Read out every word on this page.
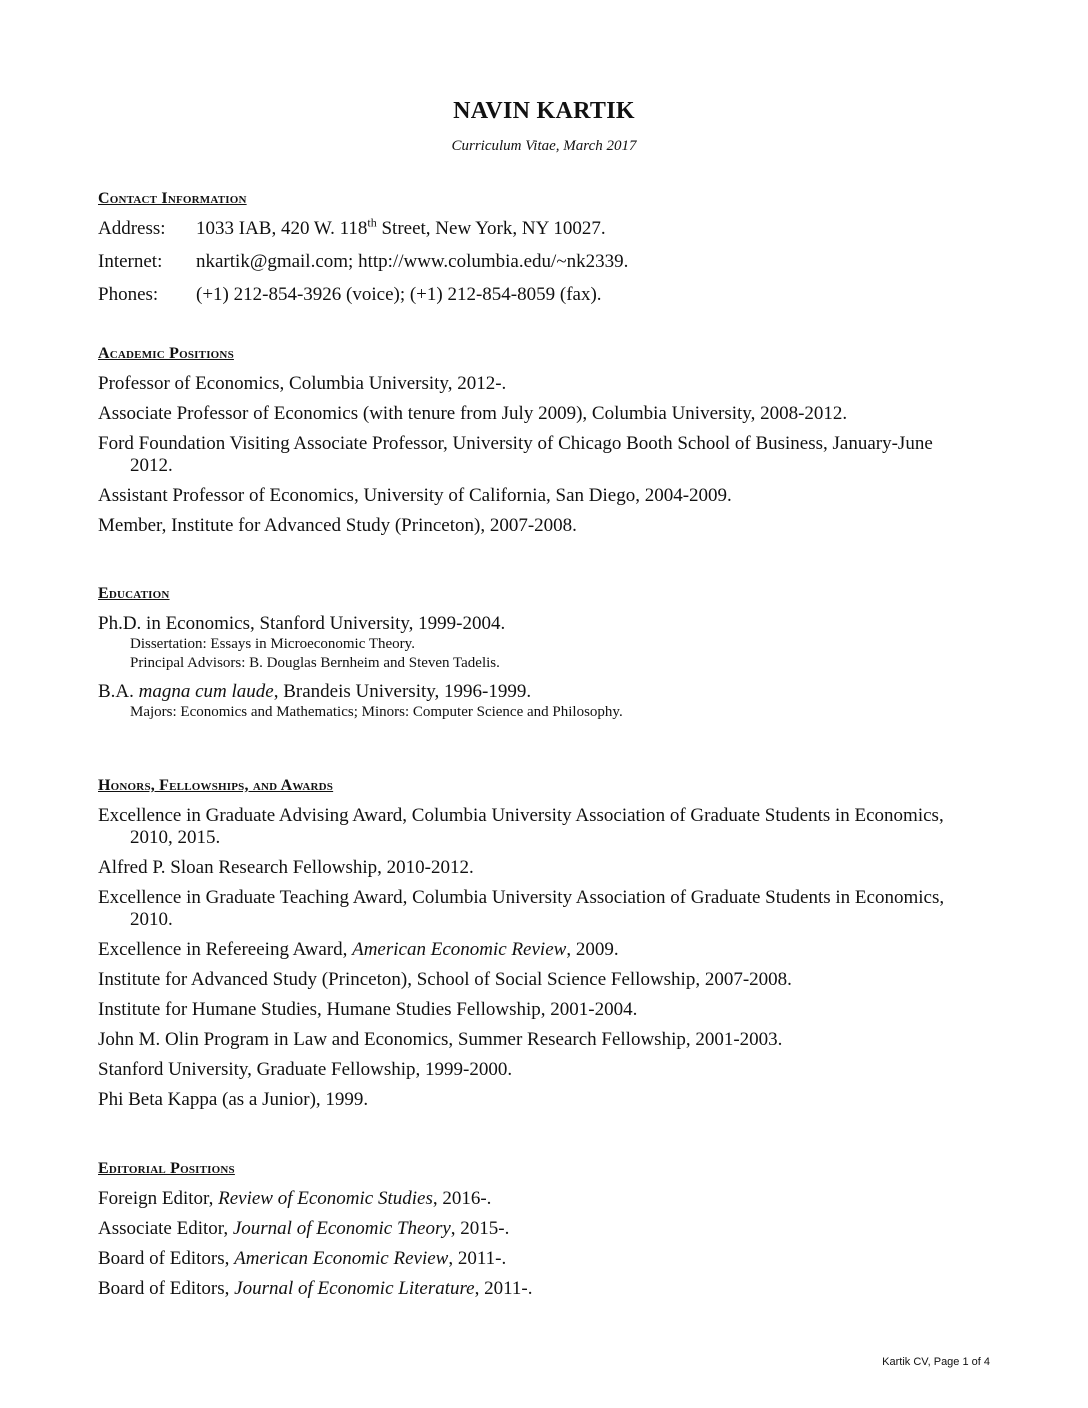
NAVIN KARTIK
Curriculum Vitae, March 2017
Contact Information
Address:	1033 IAB, 420 W. 118th Street, New York, NY 10027.
Internet:	nkartik@gmail.com; http://www.columbia.edu/~nk2339.
Phones:	(+1) 212-854-3926 (voice); (+1) 212-854-8059 (fax).
Academic Positions
Professor of Economics, Columbia University, 2012-.
Associate Professor of Economics (with tenure from July 2009), Columbia University, 2008-2012.
Ford Foundation Visiting Associate Professor, University of Chicago Booth School of Business, January-June 2012.
Assistant Professor of Economics, University of California, San Diego, 2004-2009.
Member, Institute for Advanced Study (Princeton), 2007-2008.
Education
Ph.D. in Economics, Stanford University, 1999-2004.
Dissertation: Essays in Microeconomic Theory.
Principal Advisors: B. Douglas Bernheim and Steven Tadelis.
B.A. magna cum laude, Brandeis University, 1996-1999.
Majors: Economics and Mathematics; Minors: Computer Science and Philosophy.
Honors, Fellowships, and Awards
Excellence in Graduate Advising Award, Columbia University Association of Graduate Students in Economics, 2010, 2015.
Alfred P. Sloan Research Fellowship, 2010-2012.
Excellence in Graduate Teaching Award, Columbia University Association of Graduate Students in Economics, 2010.
Excellence in Refereeing Award, American Economic Review, 2009.
Institute for Advanced Study (Princeton), School of Social Science Fellowship, 2007-2008.
Institute for Humane Studies, Humane Studies Fellowship, 2001-2004.
John M. Olin Program in Law and Economics, Summer Research Fellowship, 2001-2003.
Stanford University, Graduate Fellowship, 1999-2000.
Phi Beta Kappa (as a Junior), 1999.
Editorial Positions
Foreign Editor, Review of Economic Studies, 2016-.
Associate Editor, Journal of Economic Theory, 2015-.
Board of Editors, American Economic Review, 2011-.
Board of Editors, Journal of Economic Literature, 2011-.
Kartik CV, Page 1 of 4
